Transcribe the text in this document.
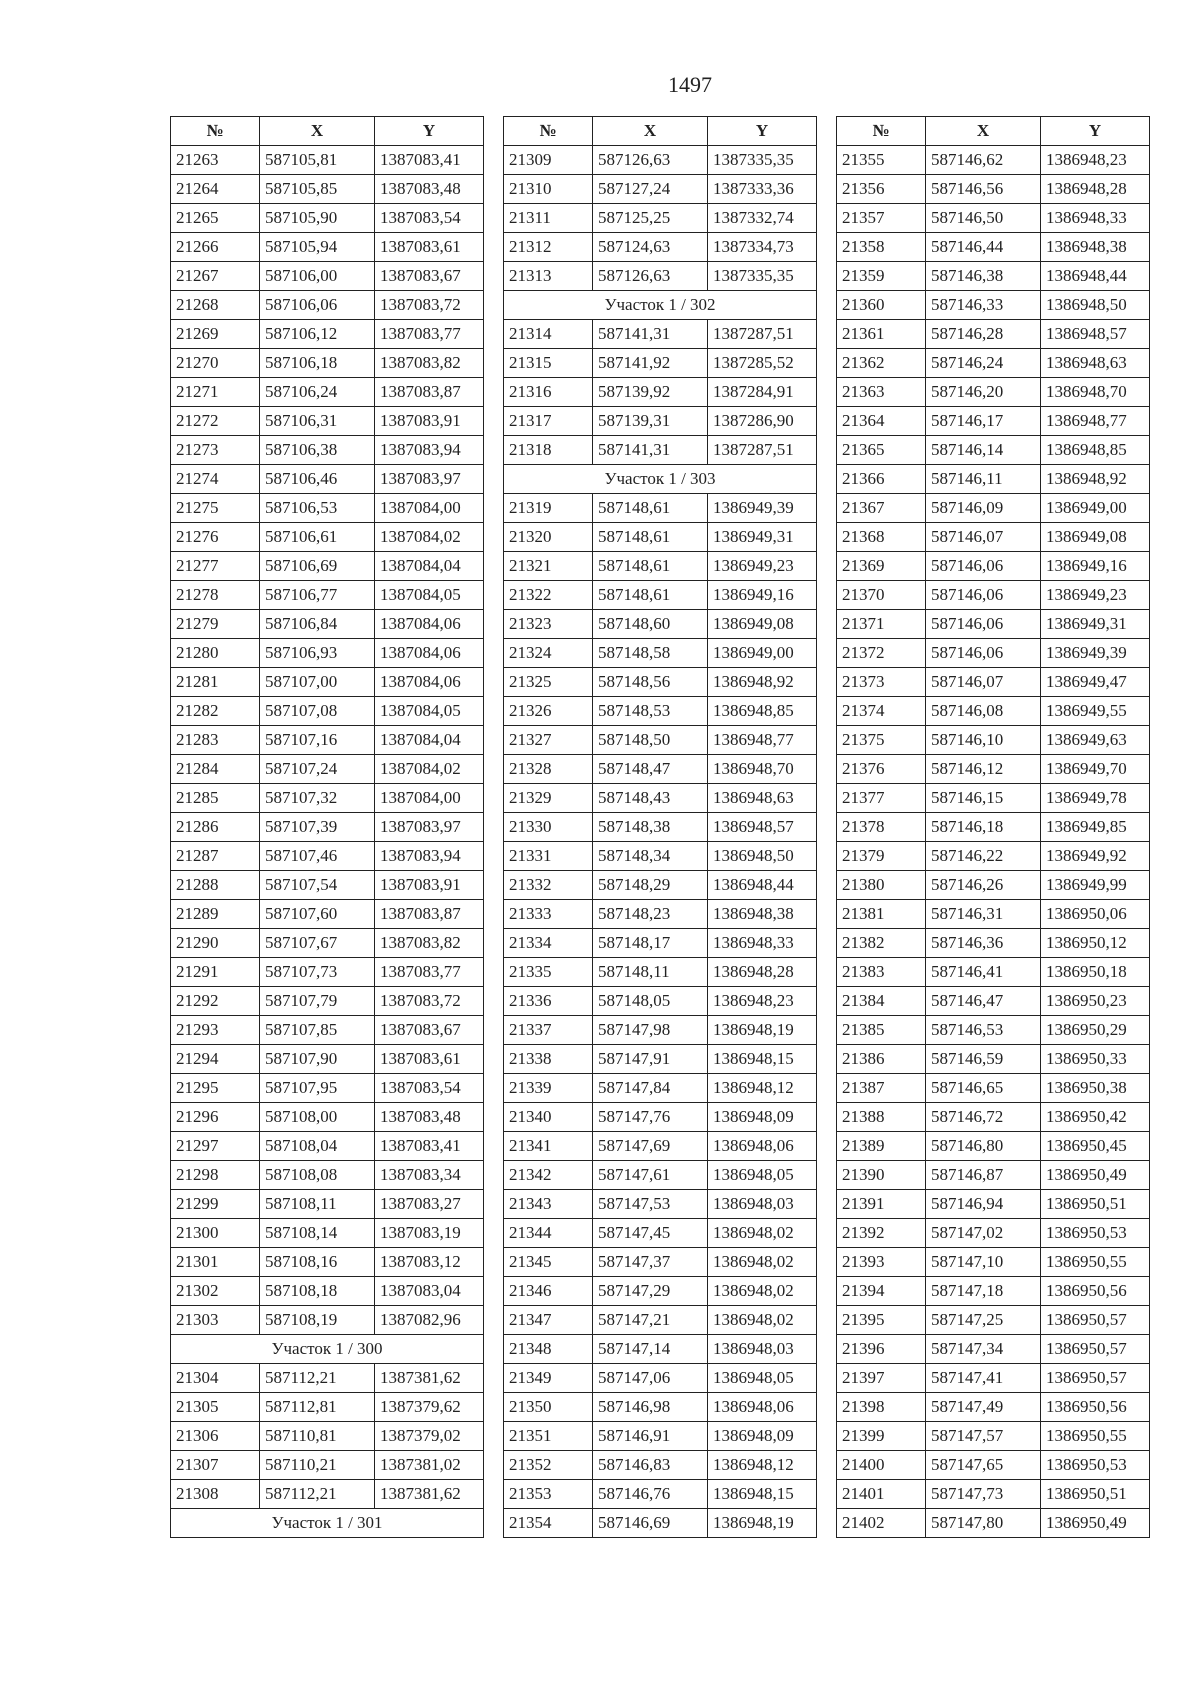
1497
№	X	Y
21263	587105,81	1387083,41
21264	587105,85	1387083,48
21265	587105,90	1387083,54
21266	587105,94	1387083,61
21267	587106,00	1387083,67
21268	587106,06	1387083,72
21269	587106,12	1387083,77
21270	587106,18	1387083,82
21271	587106,24	1387083,87
21272	587106,31	1387083,91
21273	587106,38	1387083,94
21274	587106,46	1387083,97
21275	587106,53	1387084,00
21276	587106,61	1387084,02
21277	587106,69	1387084,04
21278	587106,77	1387084,05
21279	587106,84	1387084,06
21280	587106,93	1387084,06
21281	587107,00	1387084,06
21282	587107,08	1387084,05
21283	587107,16	1387084,04
21284	587107,24	1387084,02
21285	587107,32	1387084,00
21286	587107,39	1387083,97
21287	587107,46	1387083,94
21288	587107,54	1387083,91
21289	587107,60	1387083,87
21290	587107,67	1387083,82
21291	587107,73	1387083,77
21292	587107,79	1387083,72
21293	587107,85	1387083,67
21294	587107,90	1387083,61
21295	587107,95	1387083,54
21296	587108,00	1387083,48
21297	587108,04	1387083,41
21298	587108,08	1387083,34
21299	587108,11	1387083,27
21300	587108,14	1387083,19
21301	587108,16	1387083,12
21302	587108,18	1387083,04
21303	587108,19	1387082,96
Участок 1 / 300		
21304	587112,21	1387381,62
21305	587112,81	1387379,62
21306	587110,81	1387379,02
21307	587110,21	1387381,02
21308	587112,21	1387381,62
Участок 1 / 301		
№	X	Y
21309	587126,63	1387335,35
21310	587127,24	1387333,36
21311	587125,25	1387332,74
21312	587124,63	1387334,73
21313	587126,63	1387335,35
Участок 1 / 302		
21314	587141,31	1387287,51
21315	587141,92	1387285,52
21316	587139,92	1387284,91
21317	587139,31	1387286,90
21318	587141,31	1387287,51
Участок 1 / 303		
21319	587148,61	1386949,39
21320	587148,61	1386949,31
21321	587148,61	1386949,23
21322	587148,61	1386949,16
21323	587148,60	1386949,08
21324	587148,58	1386949,00
21325	587148,56	1386948,92
21326	587148,53	1386948,85
21327	587148,50	1386948,77
21328	587148,47	1386948,70
21329	587148,43	1386948,63
21330	587148,38	1386948,57
21331	587148,34	1386948,50
21332	587148,29	1386948,44
21333	587148,23	1386948,38
21334	587148,17	1386948,33
21335	587148,11	1386948,28
21336	587148,05	1386948,23
21337	587147,98	1386948,19
21338	587147,91	1386948,15
21339	587147,84	1386948,12
21340	587147,76	1386948,09
21341	587147,69	1386948,06
21342	587147,61	1386948,05
21343	587147,53	1386948,03
21344	587147,45	1386948,02
21345	587147,37	1386948,02
21346	587147,29	1386948,02
21347	587147,21	1386948,02
21348	587147,14	1386948,03
21349	587147,06	1386948,05
21350	587146,98	1386948,06
21351	587146,91	1386948,09
21352	587146,83	1386948,12
21353	587146,76	1386948,15
21354	587146,69	1386948,19
№	X	Y
21355	587146,62	1386948,23
21356	587146,56	1386948,28
21357	587146,50	1386948,33
21358	587146,44	1386948,38
21359	587146,38	1386948,44
21360	587146,33	1386948,50
21361	587146,28	1386948,57
21362	587146,24	1386948,63
21363	587146,20	1386948,70
21364	587146,17	1386948,77
21365	587146,14	1386948,85
21366	587146,11	1386948,92
21367	587146,09	1386949,00
21368	587146,07	1386949,08
21369	587146,06	1386949,16
21370	587146,06	1386949,23
21371	587146,06	1386949,31
21372	587146,06	1386949,39
21373	587146,07	1386949,47
21374	587146,08	1386949,55
21375	587146,10	1386949,63
21376	587146,12	1386949,70
21377	587146,15	1386949,78
21378	587146,18	1386949,85
21379	587146,22	1386949,92
21380	587146,26	1386949,99
21381	587146,31	1386950,06
21382	587146,36	1386950,12
21383	587146,41	1386950,18
21384	587146,47	1386950,23
21385	587146,53	1386950,29
21386	587146,59	1386950,33
21387	587146,65	1386950,38
21388	587146,72	1386950,42
21389	587146,80	1386950,45
21390	587146,87	1386950,49
21391	587146,94	1386950,51
21392	587147,02	1386950,53
21393	587147,10	1386950,55
21394	587147,18	1386950,56
21395	587147,25	1386950,57
21396	587147,34	1386950,57
21397	587147,41	1386950,57
21398	587147,49	1386950,56
21399	587147,57	1386950,55
21400	587147,65	1386950,53
21401	587147,73	1386950,51
21402	587147,80	1386950,49
